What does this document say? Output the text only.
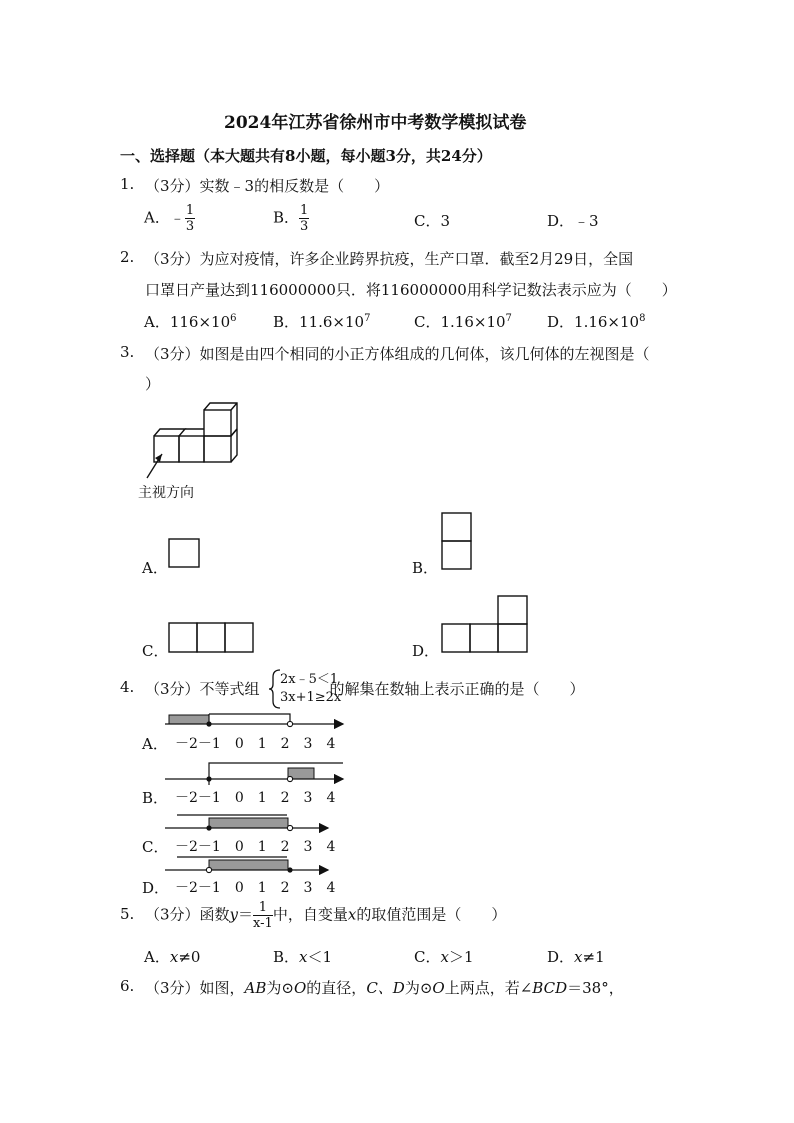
2024年江苏省徐州市中考数学模拟试卷
一、选择题（本大题共有8小题，每小题3分，共24分）
1. （3分）实数﹣3的相反数是（　　）
A．﹣ $\frac{1}{3}$	B． $\frac{1}{3}$	C．3	D．﹣3
2. （3分）为应对疫情，许多企业跨界抗疫，生产口罩．截至2月29日，全国
口罩日产量达到116000000只．将116000000用科学记数法表示应为（　　）
A．$116\times 10^6$ B．$11.6\times 10^7$	C．$1.16\times 10^7$ D．$1.16\times 10^8$
3. （3分）如图是由四个相同的小正方体组成的几何体，该几何体的左视图是（
）
主视方向
A．	B．
C．	D．
4. （3分）不等式组	的解集在数轴上表示正确的是（　　）
2x﹣5＜1
3x+1≥2x
A． －2－1　0　1　2　3　4
B． －2－1　0　1　2　3　4
C． －2－1　0　1　2　3　4
D． －2－1　0　1　2　3　4
5. （3分）函数$y= \frac{1}{x-1}$ 中，自变量x的取值范围是（　　）
A．x≠0	B．x＜1	C．x＞1	D．x≠1
6. （3分）如图，AB为⊙O的直径，C、D为⊙O上两点，若∠BCD＝38°，
